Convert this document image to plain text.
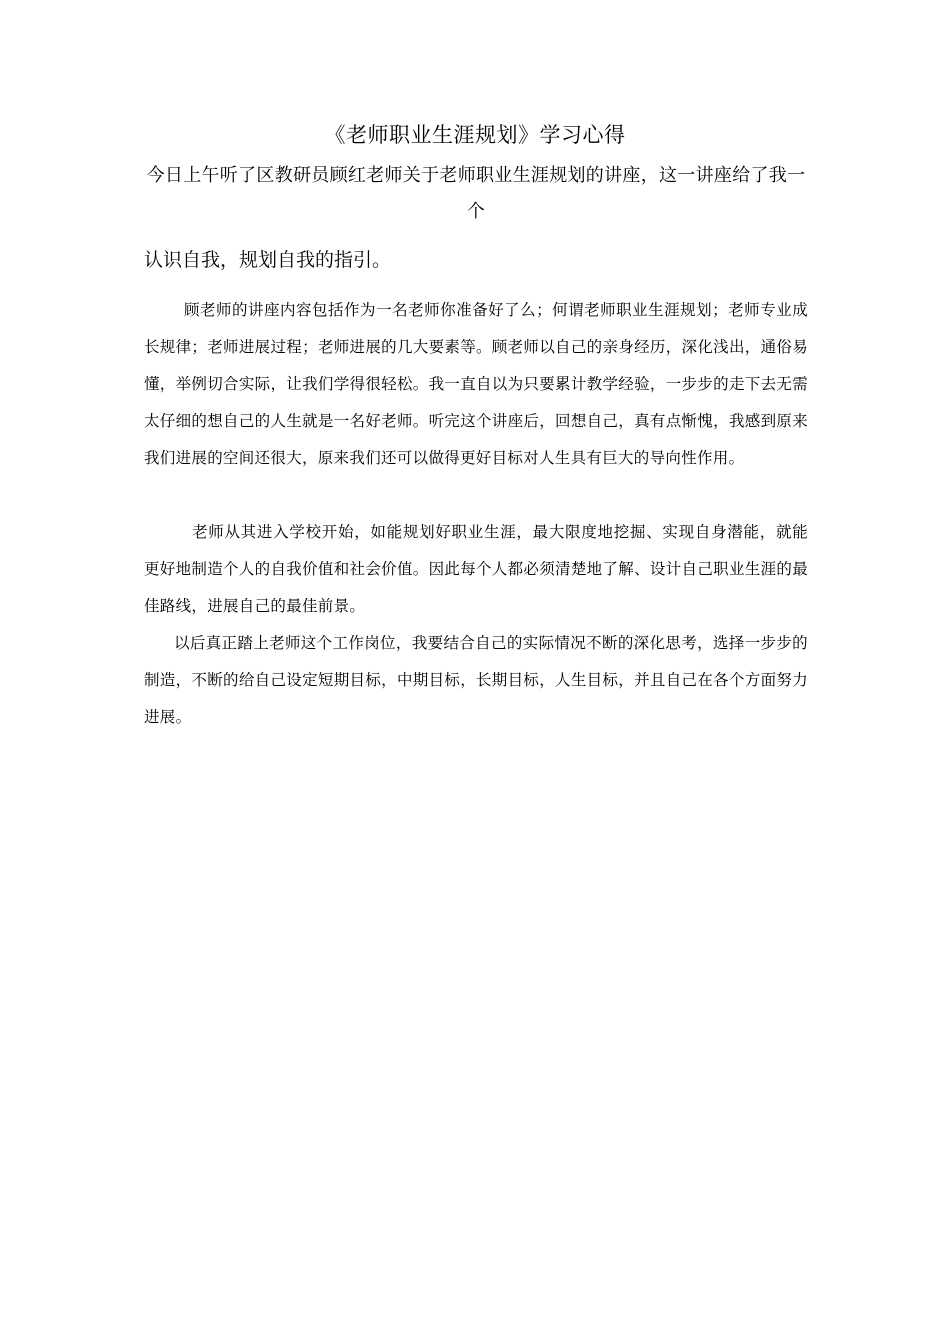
《老师职业生涯规划》学习心得
今日上午听了区教研员顾红老师关于老师职业生涯规划的讲座，这一讲座给了我一个
认识自我，规划自我的指引。
顾老师的讲座内容包括作为一名老师你准备好了么；何谓老师职业生涯规划；老师专业成长规律；老师进展过程；老师进展的几大要素等。顾老师以自己的亲身经历，深化浅出，通俗易懂，举例切合实际，让我们学得很轻松。我一直自以为只要累计教学经验，一步步的走下去无需太仔细的想自己的人生就是一名好老师。听完这个讲座后，回想自己，真有点惭愧，我感到原来我们进展的空间还很大，原来我们还可以做得更好目标对人生具有巨大的导向性作用。
老师从其进入学校开始，如能规划好职业生涯，最大限度地挖掘、实现自身潜能，就能更好地制造个人的自我价值和社会价值。因此每个人都必须清楚地了解、设计自己职业生涯的最佳路线，进展自己的最佳前景。
以后真正踏上老师这个工作岗位，我要结合自己的实际情况不断的深化思考，选择一步步的制造，不断的给自己设定短期目标，中期目标，长期目标，人生目标，并且自己在各个方面努力进展。
